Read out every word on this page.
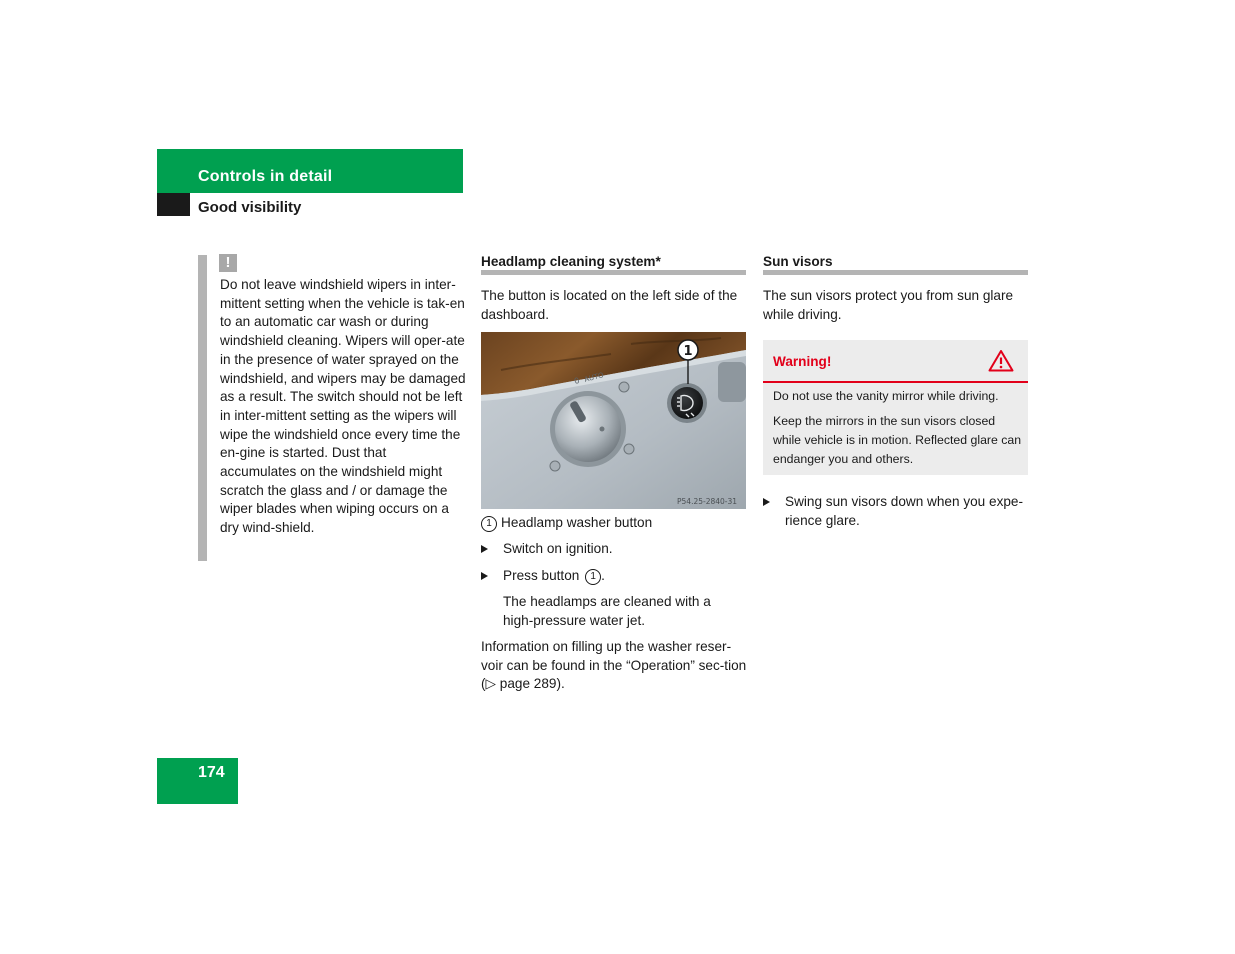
Controls in detail
Good visibility
!
Do not leave windshield wipers in inter-mittent setting when the vehicle is tak-en to an automatic car wash or during windshield cleaning. Wipers will oper-ate in the presence of water sprayed on the windshield, and wipers may be damaged as a result. The switch should not be left in inter-mittent setting as the wipers will wipe the windshield once every time the en-gine is started. Dust that accumulates on the windshield might scratch the glass and / or damage the wiper blades when wiping occurs on a dry wind-shield.
Headlamp cleaning system*
The button is located on the left side of the dashboard.
0 AUTO
1
P54.25-2840-31
1 Headlamp washer button
Switch on ignition.
Press button 1 .
The headlamps are cleaned with a high-pressure water jet.
Information on filling up the washer reser-voir can be found in the “Operation” sec-tion (▷ page 289).
Sun visors
The sun visors protect you from sun glare while driving.
Warning!
Do not use the vanity mirror while driving.
Keep the mirrors in the sun visors closed while vehicle is in motion. Reflected glare can endanger you and others.
Swing sun visors down when you expe-rience glare.
174
